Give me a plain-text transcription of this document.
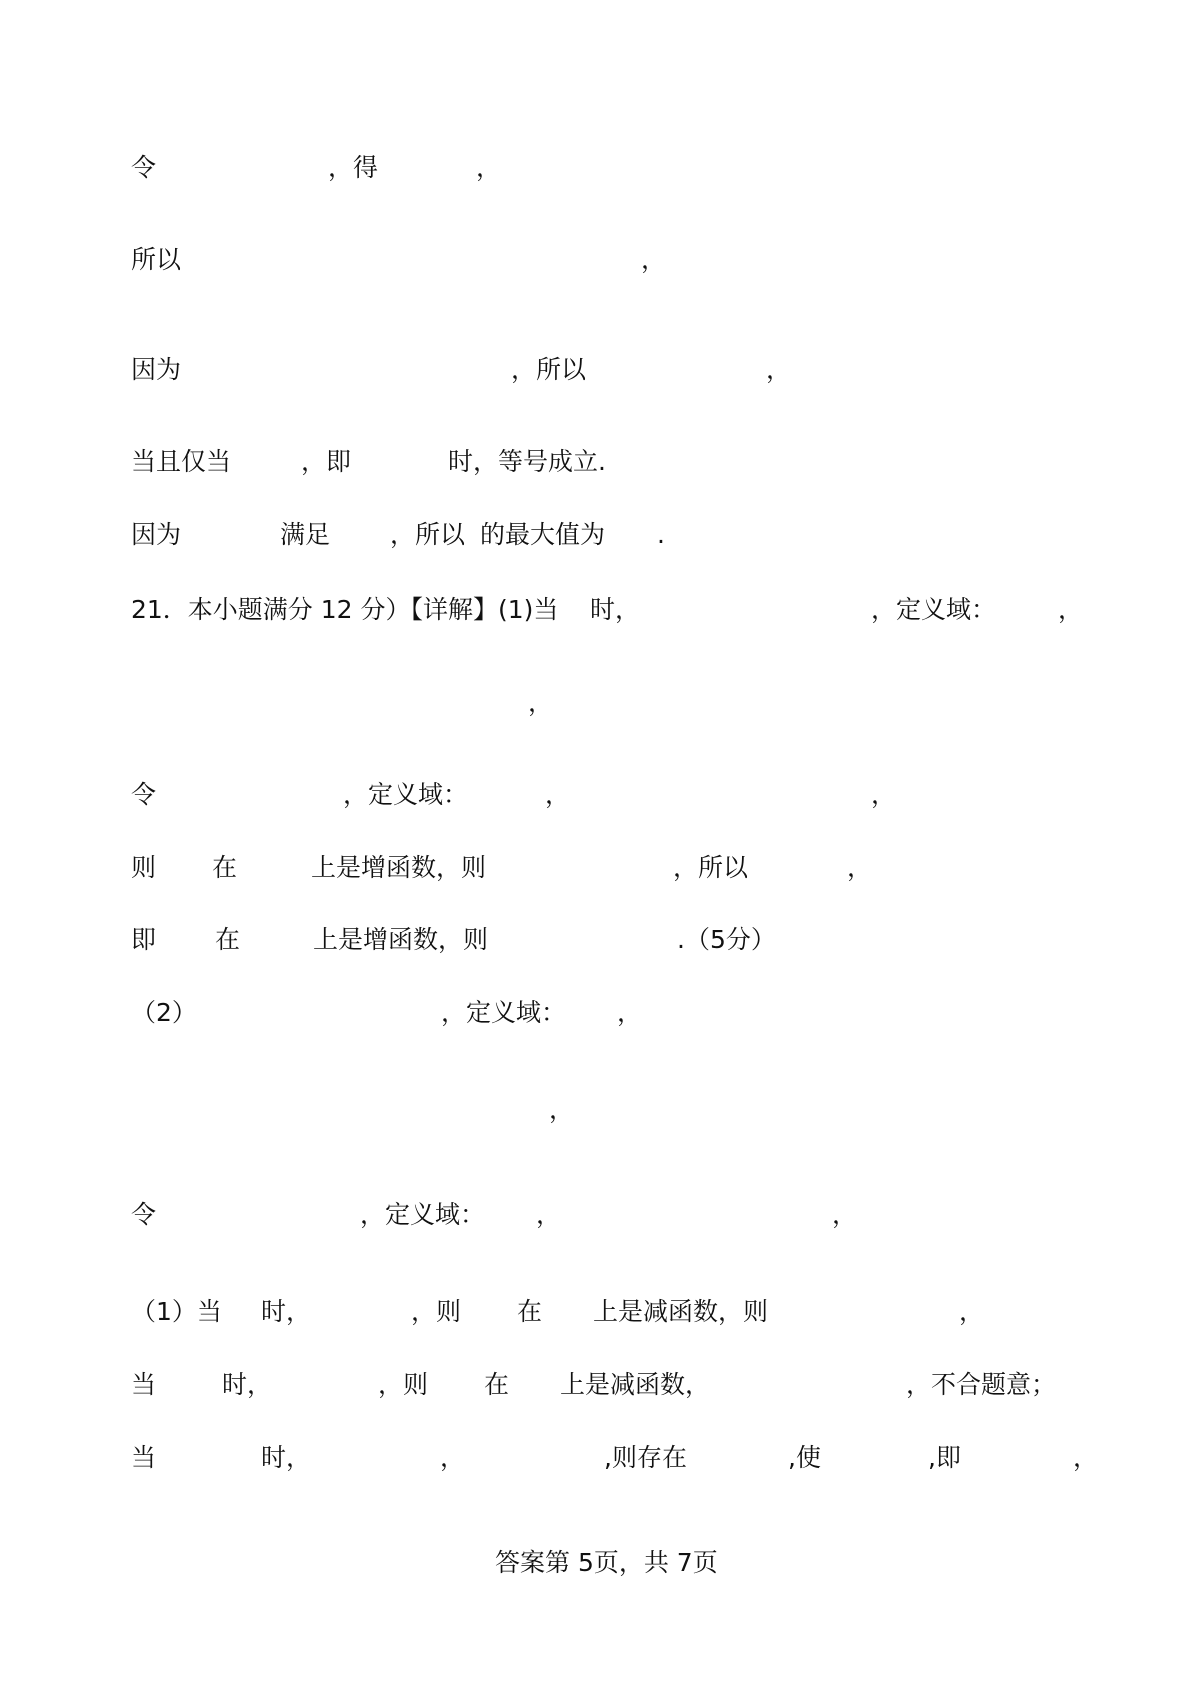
令	，得	，
所以	，
因为	，所以	，
当且仅当	，即	时，等号成立.
因为	满足 ，所以 的最大值为 .
21．本小题满分 12 分）【详解】(1)当 时，	，定义域： ，
，
令	，定义域：	，	，
则 在	上是增函数，则	，所以	，
即 在	上是增函数，则	.（5分）
（2）	，定义域： ，
，
令	，定义域： ，	，
（1）当 时，	，则 在 上是减函数，则	，
当	时，	，则 在 上是减函数，	，不合题意；
当	时，	，	,则存在	,使	,即	，
答案第 5页，共 7页
